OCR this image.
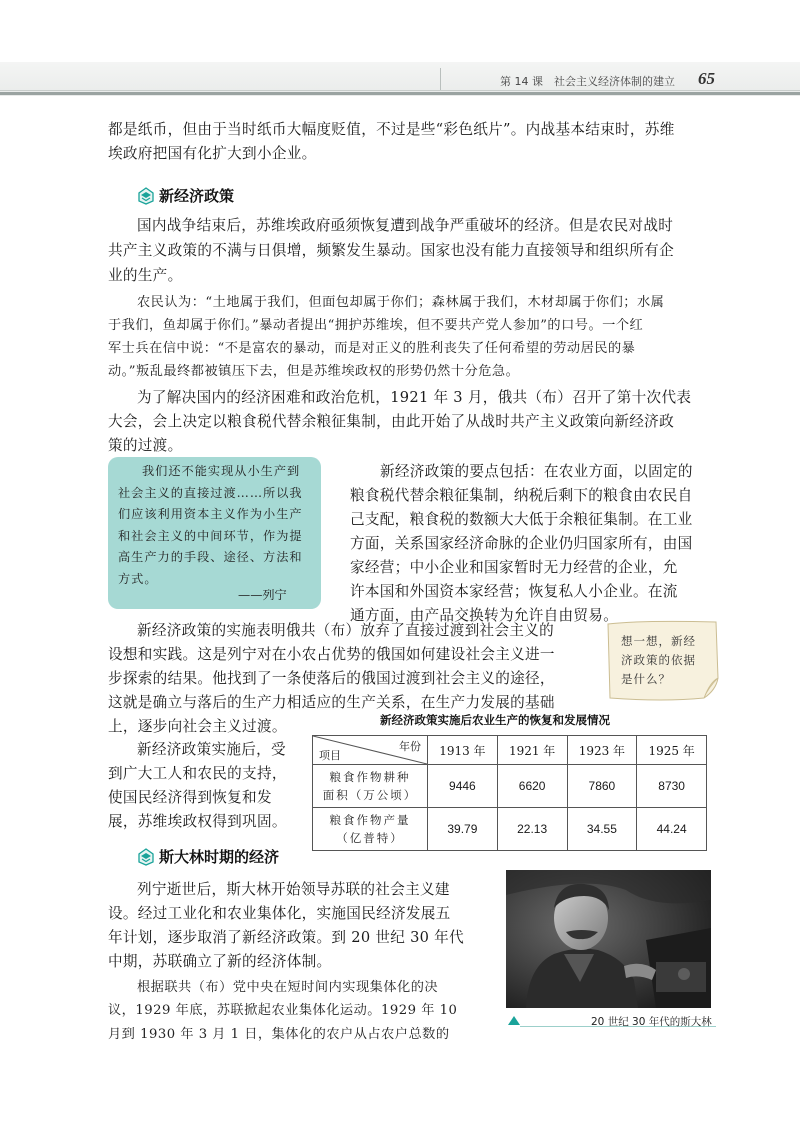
第 14 课　社会主义经济体制的建立 65

都是纸币，但由于当时纸币大幅度贬值，不过是些“彩色纸片”。内战基本结束时，苏维

埃政府把国有化扩大到小企业。

新经济政策

国内战争结束后，苏维埃政府亟须恢复遭到战争严重破坏的经济。但是农民对战时

共产主义政策的不满与日俱增，频繁发生暴动。国家也没有能力直接领导和组织所有企

业的生产。

农民认为：“土地属于我们，但面包却属于你们；森林属于我们，木材却属于你们；水属

于我们，鱼却属于你们。”暴动者提出“拥护苏维埃，但不要共产党人参加”的口号。一个红

军士兵在信中说：“不是富农的暴动，而是对正义的胜利丧失了任何希望的劳动居民的暴

动。”叛乱最终都被镇压下去，但是苏维埃政权的形势仍然十分危急。

为了解决国内的经济困难和政治危机，1921 年 3 月，俄共（布）召开了第十次代表

大会，会上决定以粮食税代替余粮征集制，由此开始了从战时共产主义政策向新经济政

策的过渡。

我们还不能实现从小生产到
社会主义的直接过渡……所以我
们应该利用资本主义作为小生产
和社会主义的中间环节，作为提
高生产力的手段、途径、方法和
方式。
——列宁

新经济政策的要点包括：在农业方面，以固定的

粮食税代替余粮征集制，纳税后剩下的粮食由农民自

己支配，粮食税的数额大大低于余粮征集制。在工业

方面，关系国家经济命脉的企业仍归国家所有，由国

家经营；中小企业和国家暂时无力经营的企业，允

许本国和外国资本家经营；恢复私人小企业。在流

通方面，由产品交换转为允许自由贸易。

新经济政策的实施表明俄共（布）放弃了直接过渡到社会主义的

设想和实践。这是列宁对在小农占优势的俄国如何建设社会主义进一

步探索的结果。他找到了一条使落后的俄国过渡到社会主义的途径，

这就是确立与落后的生产力相适应的生产关系，在生产力发展的基础

上，逐步向社会主义过渡。

想一想，新经
济政策的依据
是什么？

新经济政策实施后，受

到广大工人和农民的支持，

使国民经济得到恢复和发

展，苏维埃政权得到巩固。

新经济政策实施后农业生产的恢复和发展情况
项目
年份	1913 年	1921 年	1923 年	1925 年

粮食作物耕种
面积（万公顷）	9446	6620	7860	8730

粮食作物产量
（亿普特）	39.79	22.13	34.55	44.24
斯大林时期的经济

列宁逝世后，斯大林开始领导苏联的社会主义建

设。经过工业化和农业集体化，实施国民经济发展五

年计划，逐步取消了新经济政策。到 20 世纪 30 年代

中期，苏联确立了新的经济体制。

根据联共（布）党中央在短时间内实现集体化的决

议，1929 年底，苏联掀起农业集体化运动。1929 年 10

月到 1930 年 3 月 1 日，集体化的农户从占农户总数的

20 世纪 30 年代的斯大林
